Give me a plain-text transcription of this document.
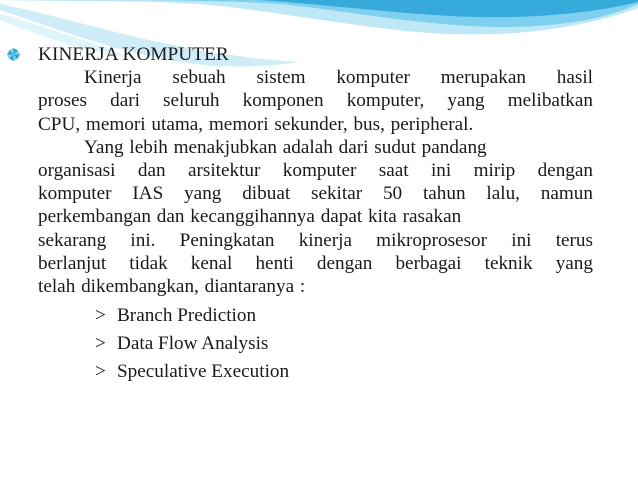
KINERJA KOMPUTER
Kinerja sebuah sistem komputer merupakan hasil
proses dari seluruh komponen komputer, yang melibatkan
CPU, memori utama, memori sekunder, bus, peripheral.
Yang lebih menakjubkan adalah dari sudut pandang
organisasi dan arsitektur komputer saat ini mirip dengan
komputer IAS yang dibuat sekitar 50 tahun lalu, namun
perkembangan dan kecanggihannya dapat kita rasakan
sekarang ini. Peningkatan kinerja mikroprosesor ini terus
berlanjut tidak kenal henti dengan berbagai teknik yang
telah dikembangkan, diantaranya :
> Branch Prediction
> Data Flow Analysis
> Speculative Execution
